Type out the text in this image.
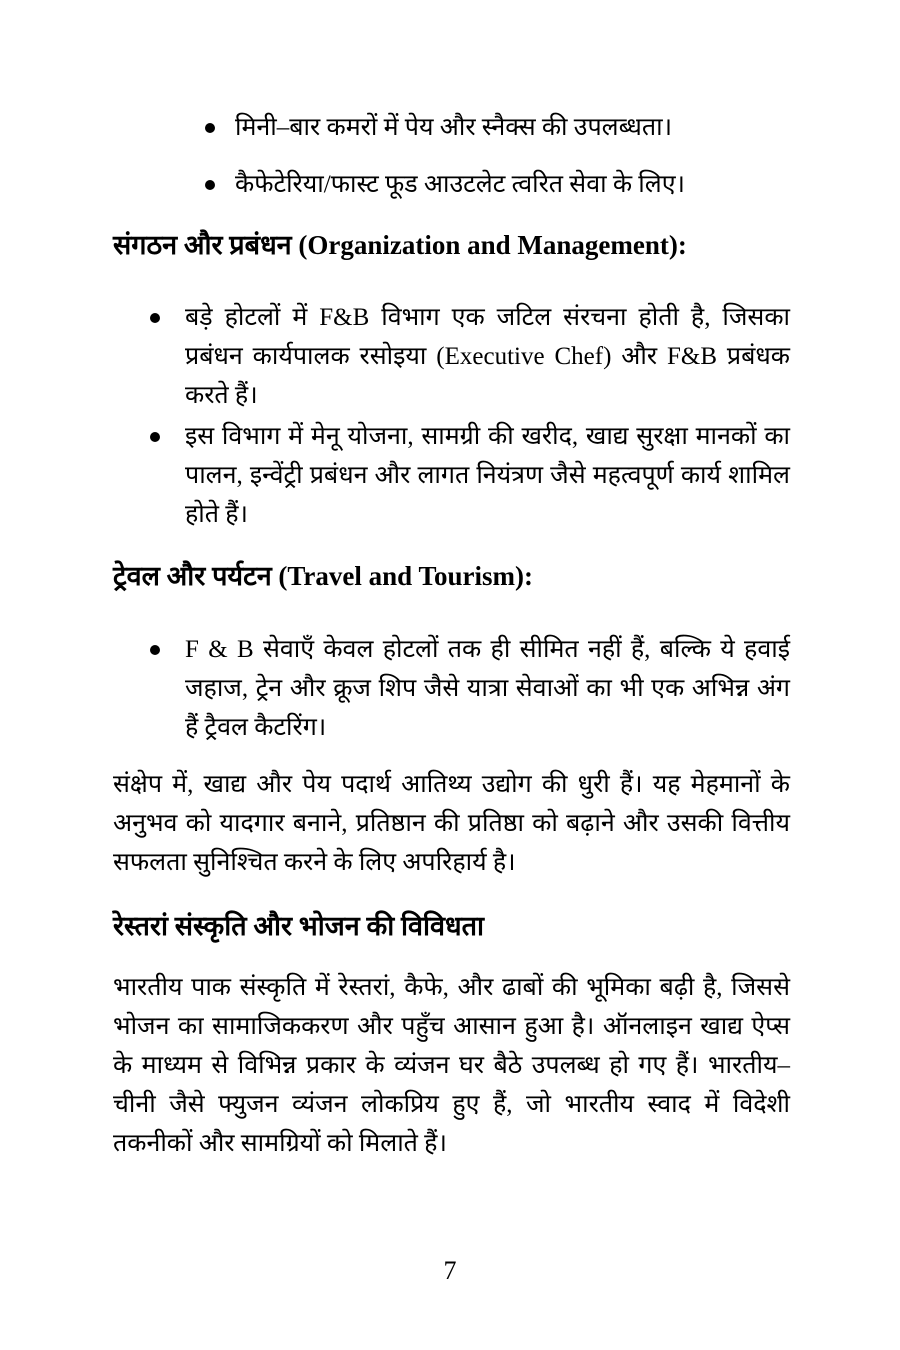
मिनी–बार कमरों में पेय और स्नैक्स की उपलब्धता।
कैफेटेरिया/फास्ट फूड आउटलेट त्वरित सेवा के लिए।
संगठन और प्रबंधन (Organization and Management):
बड़े होटलों में F&B विभाग एक जटिल संरचना होती है, जिसका प्रबंधन कार्यपालक रसोइया (Executive Chef) और F&B प्रबंधक करते हैं।
इस विभाग में मेनू योजना, सामग्री की खरीद, खाद्य सुरक्षा मानकों का पालन, इन्वेंट्री प्रबंधन और लागत नियंत्रण जैसे महत्वपूर्ण कार्य शामिल होते हैं।
ट्रेवल और पर्यटन (Travel and Tourism):
F & B सेवाएँ केवल होटलों तक ही सीमित नहीं हैं, बल्कि ये हवाई जहाज, ट्रेन और क्रूज शिप जैसे यात्रा सेवाओं का भी एक अभिन्न अंग हैं ट्रैवल कैटरिंग।

संक्षेप में, खाद्य और पेय पदार्थ आतिथ्य उद्योग की धुरी हैं। यह मेहमानों के अनुभव को यादगार बनाने, प्रतिष्ठान की प्रतिष्ठा को बढ़ाने और उसकी वित्तीय सफलता सुनिश्चित करने के लिए अपरिहार्य है।

रेस्तरां संस्कृति और भोजन की विविधता

भारतीय पाक संस्कृति में रेस्तरां, कैफे, और ढाबों की भूमिका बढ़ी है, जिससे भोजन का सामाजिककरण और पहुँच आसान हुआ है। ऑनलाइन खाद्य ऐप्स के माध्यम से विभिन्न प्रकार के व्यंजन घर बैठे उपलब्ध हो गए हैं। भारतीय–चीनी जैसे फ्युजन व्यंजन लोकप्रिय हुए हैं, जो भारतीय स्वाद में विदेशी तकनीकों और सामग्रियों को मिलाते हैं।

7
